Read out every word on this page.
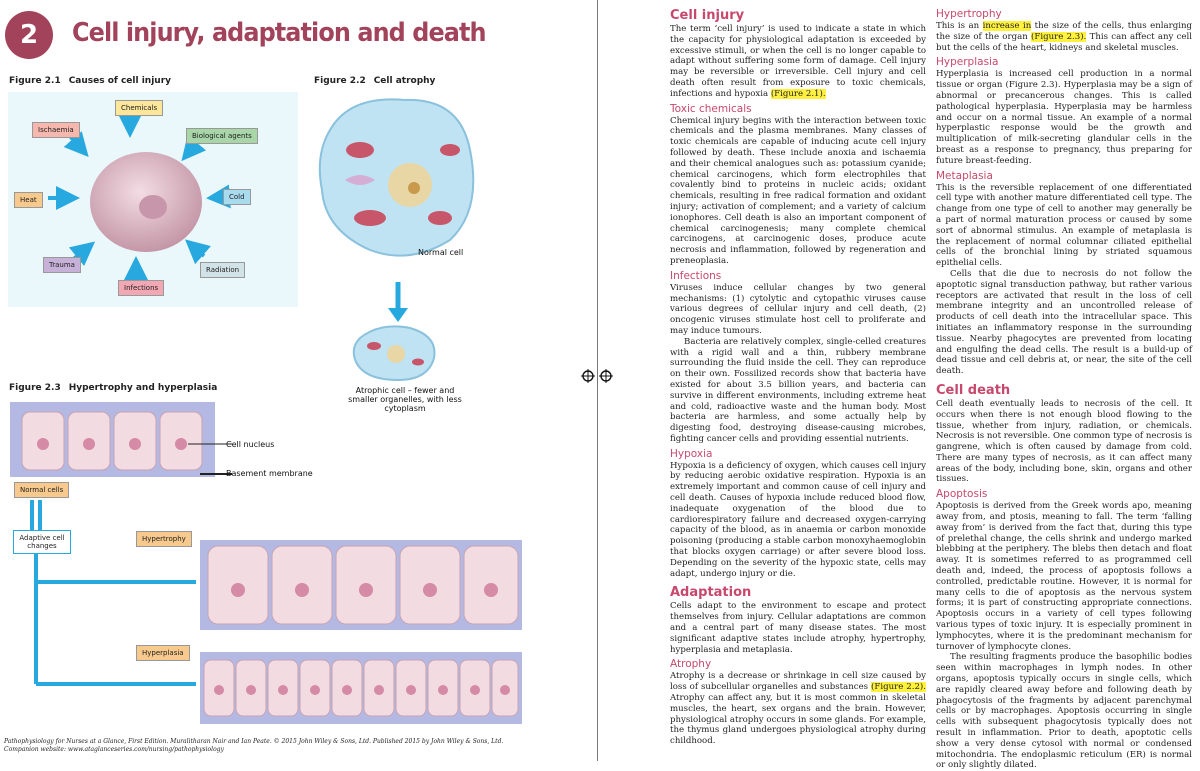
2	Cell injury, adaptation and death
Figure 2.1 Causes of cell injury
Chemicals
Ischaemia
Biological agents
Heat	Cold
Trauma
Infections
Radiation
Figure 2.2 Cell atrophy
Normal cell
Atrophic cell – fewer and smaller organelles, with less cytoplasm
Figure 2.3 Hypertrophy and hyperplasia
Cell nucleus
Basement membrane
Normal cells
Adaptive cell changes
Hypertrophy
Hyperplasia
Pathophysiology for Nurses at a Glance, First Edition. Muralitharan Nair and Ian Peate. © 2015 John Wiley & Sons, Ltd. Published 2015 by John Wiley & Sons, Ltd.
Companion website: www.ataglanceseries.com/nursing/pathophysiology
Cell injury

The term ‘cell injury’ is used to indicate a state in which the capacity for physiological adaptation is exceeded by excessive stimuli, or when the cell is no longer capable to adapt without suffering some form of damage. Cell injury may be reversible or irreversible. Cell injury and cell death often result from exposure to toxic chemicals, infections and hypoxia (Figure 2.1).

Toxic chemicals

Chemical injury begins with the interaction between toxic chemicals and the plasma membranes. Many classes of toxic chemicals are capable of inducing acute cell injury followed by death. These include anoxia and ischaemia and their chemical analogues such as: potassium cyanide; chemical carcinogens, which form electrophiles that covalently bind to proteins in nucleic acids; oxidant chemicals, resulting in free radical formation and oxidant injury; activation of complement; and a variety of calcium ionophores. Cell death is also an important component of chemical carcinogenesis; many complete chemical carcinogens, at carcinogenic doses, produce acute necrosis and inflammation, followed by regeneration and preneoplasia.

Infections

Viruses induce cellular changes by two general mechanisms: (1) cytolytic and cytopathic viruses cause various degrees of cellular injury and cell death, (2) oncogenic viruses stimulate host cell to proliferate and may induce tumours.

Bacteria are relatively complex, single-celled creatures with a rigid wall and a thin, rubbery membrane surrounding the fluid inside the cell. They can reproduce on their own. Fossilized records show that bacteria have existed for about 3.5 billion years, and bacteria can survive in different environments, including extreme heat and cold, radioactive waste and the human body. Most bacteria are harmless, and some actually help by digesting food, destroying disease-causing microbes, fighting cancer cells and providing essential nutrients.

Hypoxia

Hypoxia is a deficiency of oxygen, which causes cell injury by reducing aerobic oxidative respiration. Hypoxia is an extremely important and common cause of cell injury and cell death. Causes of hypoxia include reduced blood flow, inadequate oxygenation of the blood due to cardiorespiratory failure and decreased oxygen-carrying capacity of the blood, as in anaemia or carbon monoxide poisoning (producing a stable carbon monoxyhaemoglobin that blocks oxygen carriage) or after severe blood loss. Depending on the severity of the hypoxic state, cells may adapt, undergo injury or die.

Adaptation

Cells adapt to the environment to escape and protect themselves from injury. Cellular adaptations are common and a central part of many disease states. The most significant adaptive states include atrophy, hypertrophy, hyperplasia and metaplasia.

Atrophy

Atrophy is a decrease or shrinkage in cell size caused by loss of subcellular organelles and substances (Figure 2.2). Atrophy can affect any, but it is most common in skeletal muscles, the heart, sex organs and the brain. However, physiological atrophy occurs in some glands. For example, the thymus gland undergoes physiological atrophy during childhood.

Hypertrophy

This is an increase in the size of the cells, thus enlarging the size of the organ (Figure 2.3). This can affect any cell but the cells of the heart, kidneys and skeletal muscles.

Hyperplasia

Hyperplasia is increased cell production in a normal tissue or organ (Figure 2.3). Hyperplasia may be a sign of abnormal or precancerous changes. This is called pathological hyperplasia. Hyperplasia may be harmless and occur on a normal tissue. An example of a normal hyperplastic response would be the growth and multiplication of milk-secreting glandular cells in the breast as a response to pregnancy, thus preparing for future breast-feeding.

Metaplasia

This is the reversible replacement of one differentiated cell type with another mature differentiated cell type. The change from one type of cell to another may generally be a part of normal maturation process or caused by some sort of abnormal stimulus. An example of metaplasia is the replacement of normal columnar ciliated epithelial cells of the bronchial lining by striated squamous epithelial cells.

Cells that die due to necrosis do not follow the apoptotic signal transduction pathway, but rather various receptors are activated that result in the loss of cell membrane integrity and an uncontrolled release of products of cell death into the intracellular space. This initiates an inflammatory response in the surrounding tissue. Nearby phagocytes are prevented from locating and engulfing the dead cells. The result is a build-up of dead tissue and cell debris at, or near, the site of the cell death.

Cell death

Cell death eventually leads to necrosis of the cell. It occurs when there is not enough blood flowing to the tissue, whether from injury, radiation, or chemicals. Necrosis is not reversible. One common type of necrosis is gangrene, which is often caused by damage from cold. There are many types of necrosis, as it can affect many areas of the body, including bone, skin, organs and other tissues.

Apoptosis

Apoptosis is derived from the Greek words apo, meaning away from, and ptosis, meaning to fall. The term ‘falling away from’ is derived from the fact that, during this type of prelethal change, the cells shrink and undergo marked blebbing at the periphery. The blebs then detach and float away. It is sometimes referred to as programmed cell death and, indeed, the process of apoptosis follows a controlled, predictable routine. However, it is normal for many cells to die of apoptosis as the nervous system forms; it is part of constructing appropriate connections. Apoptosis occurs in a variety of cell types following various types of toxic injury. It is especially prominent in lymphocytes, where it is the predominant mechanism for turnover of lymphocyte clones.

The resulting fragments produce the basophilic bodies seen within macrophages in lymph nodes. In other organs, apoptosis typically occurs in single cells, which are rapidly cleared away before and following death by phagocytosis of the fragments by adjacent parenchymal cells or by macrophages. Apoptosis occurring in single cells with subsequent phagocytosis typically does not result in inflammation. Prior to death, apoptotic cells show a very dense cytosol with normal or condensed mitochondria. The endoplasmic reticulum (ER) is normal or only slightly dilated.
